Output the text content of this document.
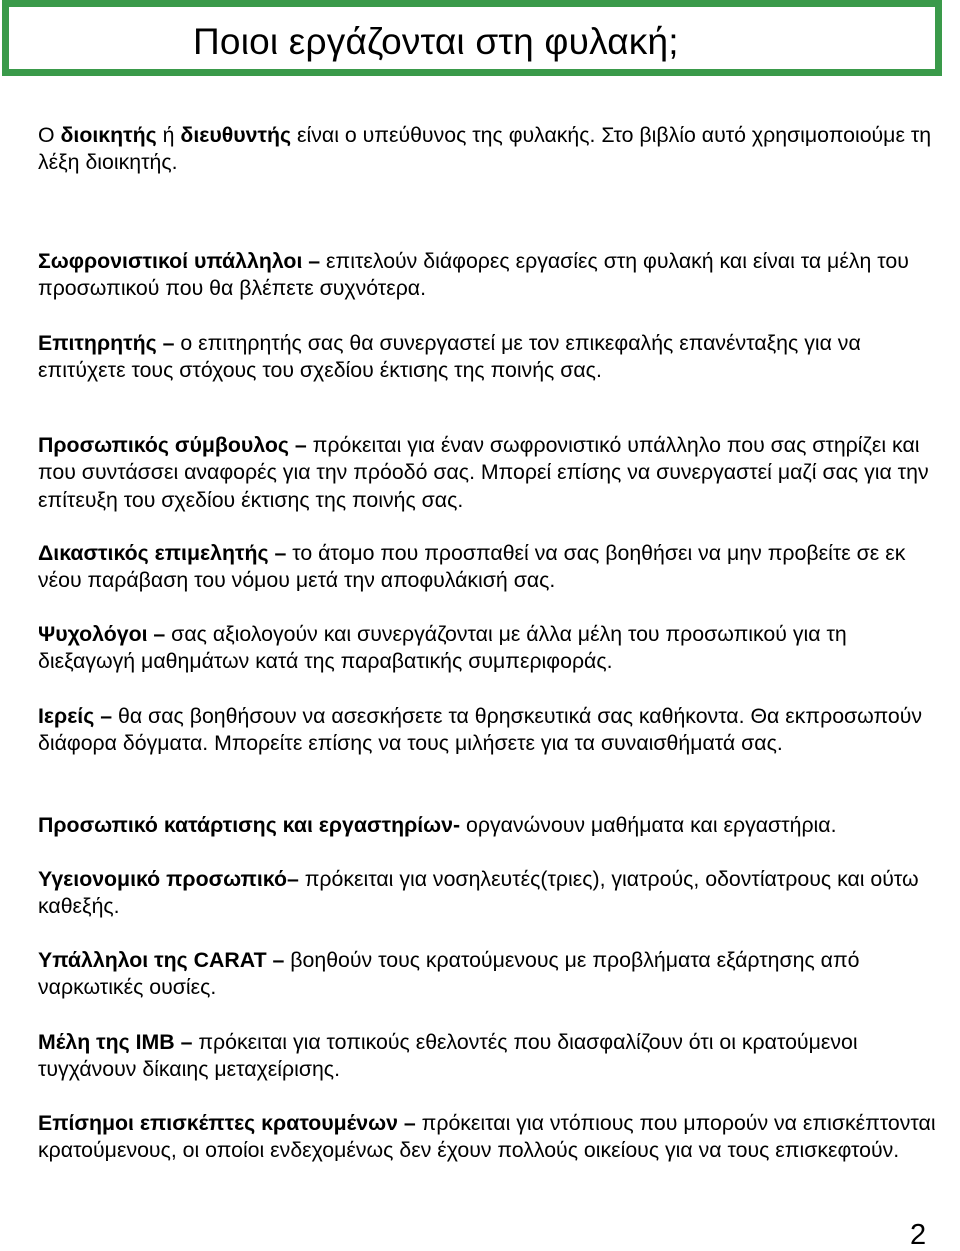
Ποιοι εργάζονται στη φυλακή;

Ο διοικητής ή διευθυντής είναι ο υπεύθυνος της φυλακής. Στο βιβλίο αυτό χρησιμοποιούμε τη λέξη διοικητής.

Σωφρονιστικοί υπάλληλοι – επιτελούν διάφορες εργασίες στη φυλακή και είναι τα μέλη του προσωπικού που θα βλέπετε συχνότερα.

Επιτηρητής – ο επιτηρητής σας θα συνεργαστεί με τον επικεφαλής επανένταξης για να επιτύχετε τους στόχους του σχεδίου έκτισης της ποινής σας.

Προσωπικός σύμβουλος – πρόκειται για έναν σωφρονιστικό υπάλληλο που σας στηρίζει και που συντάσσει αναφορές για την πρόοδό σας. Μπορεί επίσης να συνεργαστεί μαζί σας για την επίτευξη του σχεδίου έκτισης της ποινής σας.

Δικαστικός επιμελητής – το άτομο που προσπαθεί να σας βοηθήσει να μην προβείτε σε εκ νέου παράβαση του νόμου μετά την αποφυλάκισή σας.

Ψυχολόγοι – σας αξιολογούν και συνεργάζονται με άλλα μέλη του προσωπικού για τη διεξαγωγή μαθημάτων κατά της παραβατικής συμπεριφοράς.

Ιερείς – θα σας βοηθήσουν να ασεσκήσετε τα θρησκευτικά σας καθήκοντα. Θα εκπροσωπούν διάφορα δόγματα. Μπορείτε επίσης να τους μιλήσετε για τα συναισθήματά σας.

Προσωπικό κατάρτισης και εργαστηρίων- οργανώνουν μαθήματα και εργαστήρια.

Υγειονομικό προσωπικό– πρόκειται για νοσηλευτές(τριες), γιατρούς, οδοντίατρους και ούτω καθεξής.

Υπάλληλοι της CARAT – βοηθούν τους κρατούμενους με προβλήματα εξάρτησης από ναρκωτικές ουσίες.

Μέλη της IMB – πρόκειται για τοπικούς εθελοντές που διασφαλίζουν ότι οι κρατούμενοι τυγχάνουν δίκαιης μεταχείρισης.

Επίσημοι επισκέπτες κρατουμένων – πρόκειται για ντόπιους που μπορούν να επισκέπτονται κρατούμενους, οι οποίοι ενδεχομένως δεν έχουν πολλούς οικείους για να τους επισκεφτούν.

2
